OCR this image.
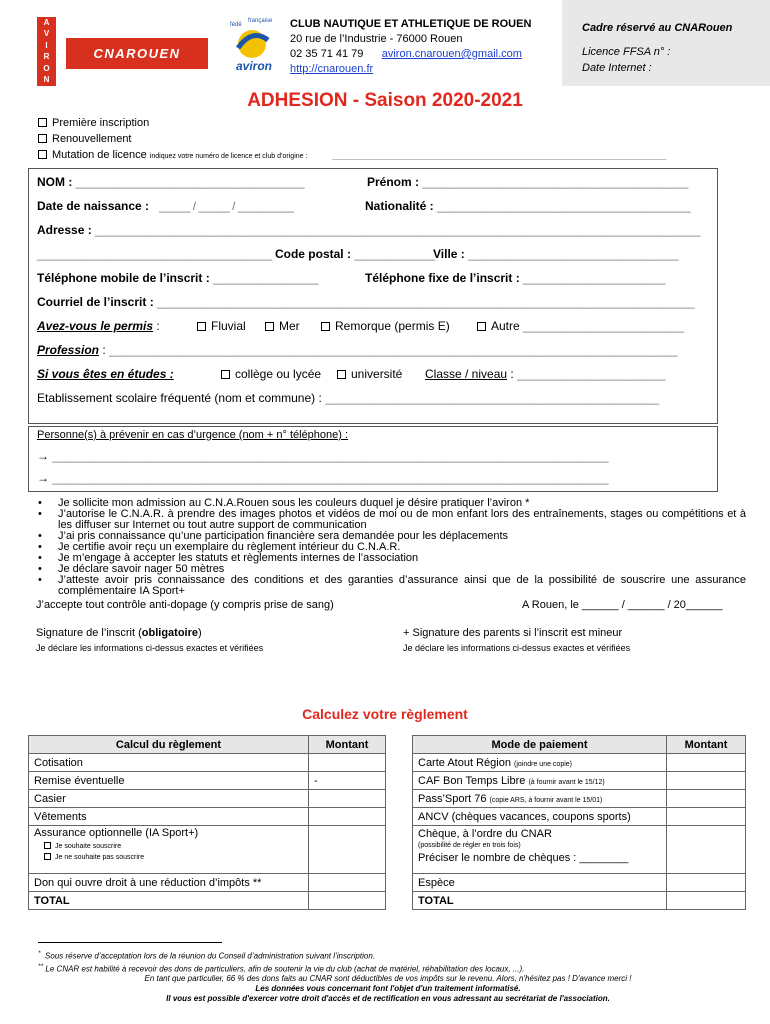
A
V
I
R
O
N
CNAROUEN
fédé
française
aviron
CLUB NAUTIQUE ET ATHLETIQUE DE ROUEN
20 rue de l’Industrie - 76000 Rouen
02 35 71 41 79 aviron.cnarouen@gmail.com
http://cnarouen.fr
Cadre réservé au CNARouen
Licence FFSA n° :
Date Internet :
ADHESION - Saison 2020-2021
Première inscription
Renouvellement
Mutation de licence indiquez votre numéro de licence et club d’origine :	___________________________________________________________________________
NOM : _____________________________________	Prénom : ___________________________________________
Date de naissance : _____ / _____ / _________	Nationalité : _________________________________________
Adresse : __________________________________________________________________________________________________
______________________________________ Code postal : _____________
Ville : __________________________________
Téléphone mobile de l’inscrit : _________________	Téléphone fixe de l’inscrit : _______________________
Courriel de l’inscrit : _______________________________________________________________________________________
Avez-vous le permis :	Fluvial	Mer	Remorque (permis E)	Autre __________________________
Profession : ____________________________________________________________________________________________
Si vous êtes en études :	collège ou lycée	université Classe / niveau : ________________________
Etablissement scolaire fréquenté (nom et commune) : ______________________________________________________
Personne(s) à prévenir en cas d’urgence (nom + n° téléphone) :
→ __________________________________________________________________________________________
→ __________________________________________________________________________________________
• Je sollicite mon admission au C.N.A.Rouen sous les couleurs duquel je désire pratiquer l’aviron *
• J’autorise le C.N.A.R. à prendre des images photos et vidéos de moi ou de mon enfant lors des entraînements, stages ou compétitions et à les diffuser sur Internet ou tout autre support de communication
• J’ai pris connaissance qu’une participation financière sera demandée pour les déplacements
• Je certifie avoir reçu un exemplaire du règlement intérieur du C.N.A.R.
• Je m’engage à accepter les statuts et règlements internes de l’association
• Je déclare savoir nager 50 mètres
• J’atteste avoir pris connaissance des conditions et des garanties d’assurance ainsi que de la possibilité de souscrire une assurance complémentaire IA Sport+
J’accepte tout contrôle anti-dopage (y compris prise de sang)	A Rouen, le ______ / ______ / 20______
Signature de l’inscrit (obligatoire)
Je déclare les informations ci-dessus exactes et vérifiées
+ Signature des parents si l’inscrit est mineur
Je déclare les informations ci-dessus exactes et vérifiées
Calculez votre règlement
Calcul du règlement	Montant
Cotisation	
Remise éventuelle	-
Casier	
Vêtements	

Assurance optionnelle (IA Sport+)
Je souhaite souscrire
Je ne souhaite pas souscrire	

Don qui ouvre droit à une réduction d’impôts **	
TOTAL	
Mode de paiement	Montant
Carte Atout Région (joindre une copie)	
CAF Bon Temps Libre (à fournir avant le 15/12)	
Pass’Sport 76 (copie ARS, à fournir avant le 15/01)	
ANCV (chèques vacances, coupons sports)	

Chèque, à l’ordre du CNAR
(possibilité de régler en trois fois)
Préciser le nombre de chèques : ________	

Espèce	
TOTAL	
* Sous réserve d’acceptation lors de la réunion du Conseil d’administration suivant l’inscription.
** Le CNAR est habilité à recevoir des dons de particuliers, afin de soutenir la vie du club (achat de matériel, réhabilitation des locaux, ...).
En tant que particulier, 66 % des dons faits au CNAR sont déductibles de vos impôts sur le revenu. Alors, n'hésitez pas ! D'avance merci !
Les données vous concernant font l'objet d'un traitement informatisé.
Il vous est possible d'exercer votre droit d'accès et de rectification en vous adressant au secrétariat de l'association.
